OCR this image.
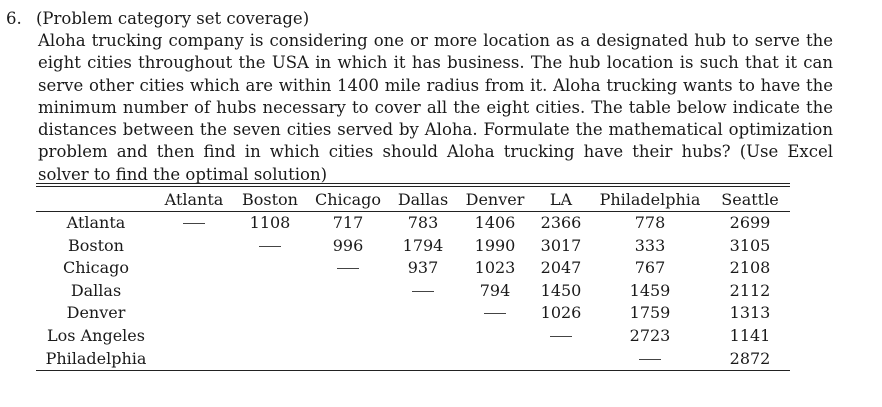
6. (Problem category set coverage)
Aloha trucking company is considering one or more location as a designated hub to serve the eight cities throughout the USA in which it has business. The hub location is such that it can serve other cities which are within 1400 mile radius from it. Aloha trucking wants to have the minimum number of hubs necessary to cover all the eight cities. The table below indicate the distances between the seven cities served by Aloha. Formulate the mathematical optimization problem and then find in which cities should Aloha trucking have their hubs? (Use Excel solver to find the optimal solution)
	Atlanta	Boston	Chicago	Dallas	Denver	LA	Philadelphia	Seattle

Atlanta		1108	717	783	1406	2366	778	2699
Boston			996	1794	1990	3017	333	3105
Chicago				937	1023	2047	767	2108
Dallas					794	1450	1459	2112
Denver						1026	1759	1313
Los Angeles							2723	1141
Philadelphia								2872
